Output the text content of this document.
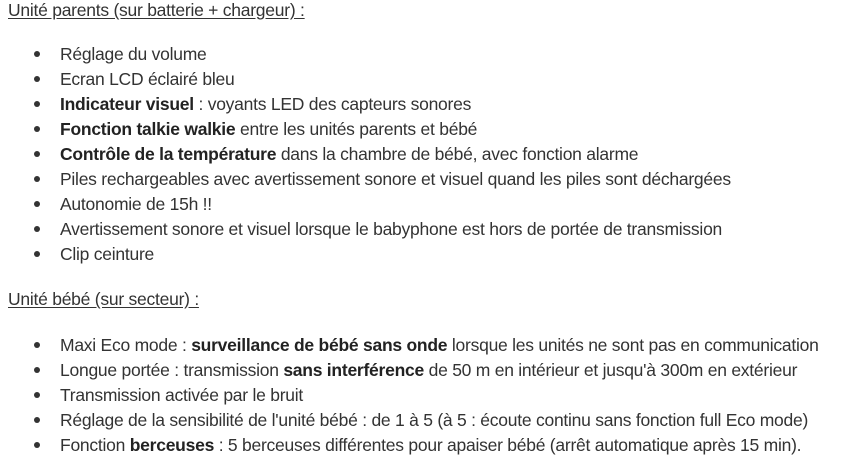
Unité parents (sur batterie + chargeur) :
Réglage du volume
Ecran LCD éclairé bleu
Indicateur visuel : voyants LED des capteurs sonores
Fonction talkie walkie entre les unités parents et bébé
Contrôle de la température dans la chambre de bébé, avec fonction alarme
Piles rechargeables avec avertissement sonore et visuel quand les piles sont déchargées
Autonomie de 15h !!
Avertissement sonore et visuel lorsque le babyphone est hors de portée de transmission
Clip ceinture
Unité bébé (sur secteur) :
Maxi Eco mode : surveillance de bébé sans onde lorsque les unités ne sont pas en communication
Longue portée : transmission sans interférence de 50 m en intérieur et jusqu'à 300m en extérieur
Transmission activée par le bruit
Réglage de la sensibilité de l'unité bébé : de 1 à 5 (à 5 : écoute continu sans fonction full Eco mode)
Fonction berceuses : 5 berceuses différentes pour apaiser bébé (arrêt automatique après 15 min).
